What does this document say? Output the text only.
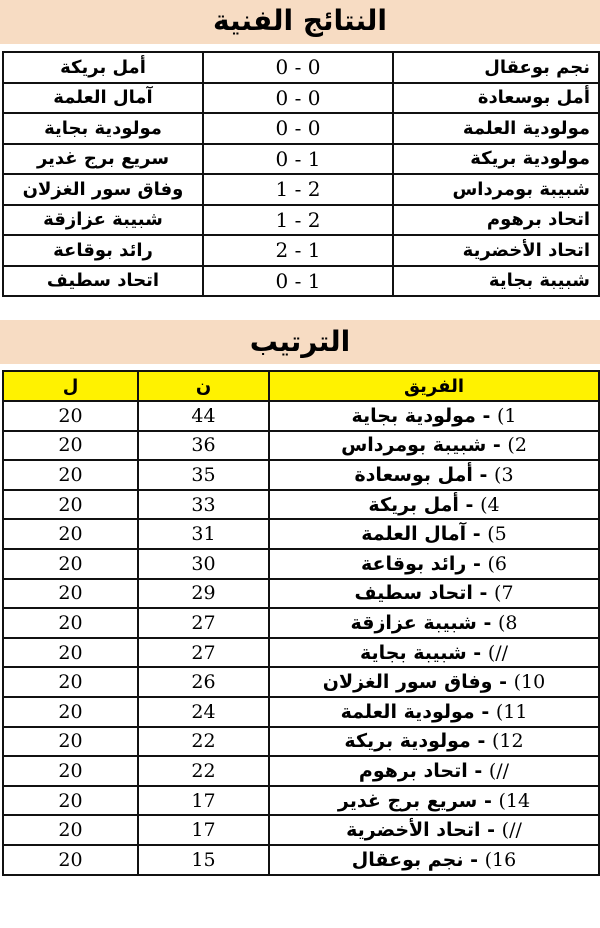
النتائج الفنية
أمل بريكة	0 - 0	نجم بوعقال
آمال العلمة	0 - 0	أمل بوسعادة
مولودية بجاية	0 - 0	مولودية العلمة
سريع برج غدير	0 - 1	مولودية بريكة
وفاق سور الغزلان	1 - 2	شبيبة بومرداس
شبيبة عزازقة	1 - 2	اتحاد برهوم
رائد بوقاعة	2 - 1	اتحاد الأخضرية
اتحاد سطيف	0 - 1	شبيبة بجاية
الترتيب
ل	ن	الفريق
20	44	1) - مولودية بجاية
20	36	2) - شبيبة بومرداس
20	35	3) - أمل بوسعادة
20	33	4) - أمل بريكة
20	31	5) - آمال العلمة
20	30	6) - رائد بوقاعة
20	29	7) - اتحاد سطيف
20	27	8) - شبيبة عزازقة
20	27	//) - شبيبة بجاية
20	26	10) - وفاق سور الغزلان
20	24	11) - مولودية العلمة
20	22	12) - مولودية بريكة
20	22	//) - اتحاد برهوم
20	17	14) - سريع برج غدير
20	17	//) - اتحاد الأخضرية
20	15	16) - نجم بوعقال
